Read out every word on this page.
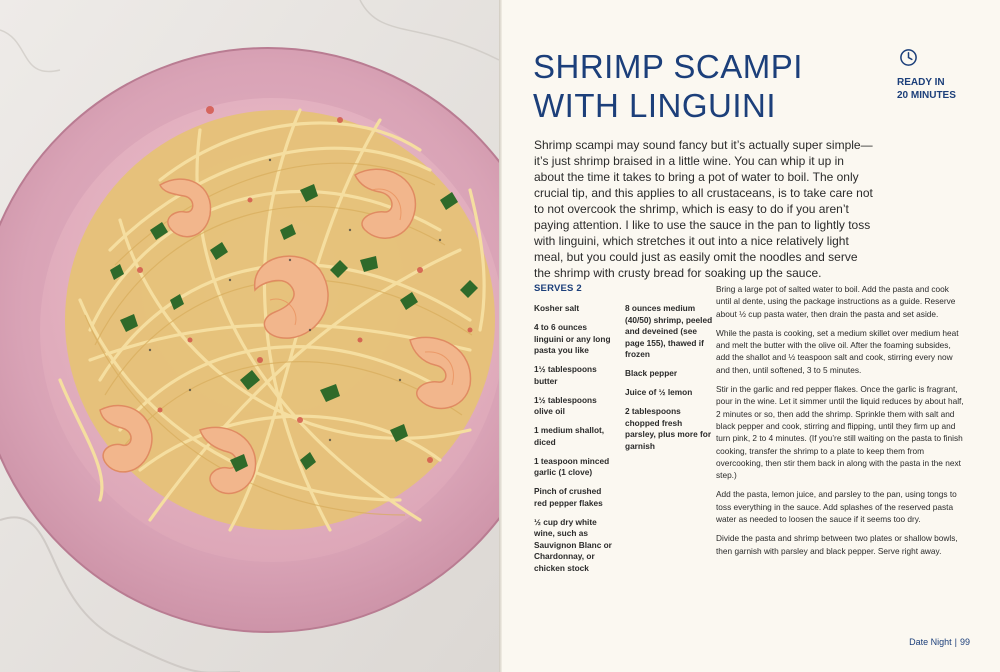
SHRIMP SCAMPI WITH LINGUINI
READY IN
20 MINUTES

Shrimp scampi may sound fancy but it’s actually super simple—it’s just shrimp braised in a little wine. You can whip it up in about the time it takes to bring a pot of water to boil. The only crucial tip, and this applies to all crustaceans, is to take care not to not overcook the shrimp, which is easy to do if you aren’t paying attention. I like to use the sauce in the pan to lightly toss with linguini, which stretches it out into a nice relatively light meal, but you could just as easily omit the noodles and serve the shrimp with crusty bread for soaking up the sauce.

SERVES 2
Kosher salt
4 to 6 ounces linguini or any long pasta you like
1½ tablespoons butter
1½ tablespoons olive oil
1 medium shallot, diced
1 teaspoon minced garlic (1 clove)
Pinch of crushed red pepper flakes
½ cup dry white wine, such as Sauvignon Blanc or Chardonnay, or chicken stock
8 ounces medium (40/50) shrimp, peeled and deveined (see page 155), thawed if frozen
Black pepper
Juice of ½ lemon
2 tablespoons chopped fresh parsley, plus more for garnish

Bring a large pot of salted water to boil. Add the pasta and cook until al dente, using the package instructions as a guide. Reserve about ½ cup pasta water, then drain the pasta and set aside.

While the pasta is cooking, set a medium skillet over medium heat and melt the butter with the olive oil. After the foaming subsides, add the shallot and ½ teaspoon salt and cook, stirring every now and then, until softened, 3 to 5 minutes.

Stir in the garlic and red pepper flakes. Once the garlic is fragrant, pour in the wine. Let it simmer until the liquid reduces by about half, 2 minutes or so, then add the shrimp. Sprinkle them with salt and black pepper and cook, stirring and flipping, until they firm up and turn pink, 2 to 4 minutes. (If you’re still waiting on the pasta to finish cooking, transfer the shrimp to a plate to keep them from overcooking, then stir them back in along with the pasta in the next step.)

Add the pasta, lemon juice, and parsley to the pan, using tongs to toss everything in the sauce. Add splashes of the reserved pasta water as needed to loosen the sauce if it seems too dry.

Divide the pasta and shrimp between two plates or shallow bowls, then garnish with parsley and black pepper. Serve right away.

Date Night | 99
